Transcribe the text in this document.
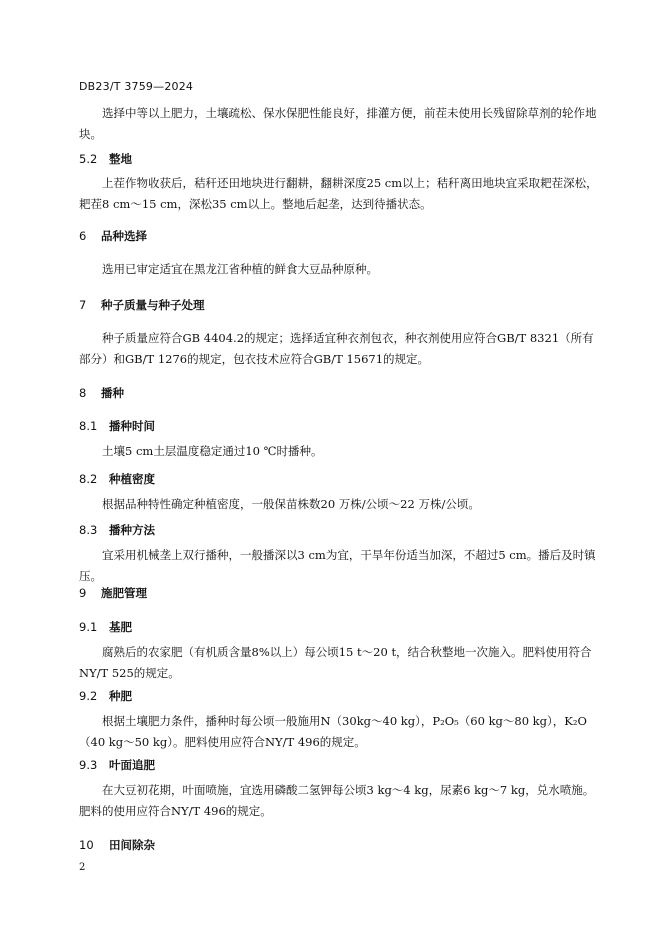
DB23/T 3759—2024
选择中等以上肥力，土壤疏松、保水保肥性能良好，排灌方便，前茬未使用长残留除草剂的轮作地块。
5.2 整地
上茬作物收获后，秸秆还田地块进行翻耕，翻耕深度25 cm以上；秸秆离田地块宜采取耙茬深松，耙茬8 cm～15 cm，深松35 cm以上。整地后起垄，达到待播状态。
6 品种选择
选用已审定适宜在黑龙江省种植的鲜食大豆品种原种。
7 种子质量与种子处理
种子质量应符合GB 4404.2的规定；选择适宜种衣剂包衣，种衣剂使用应符合GB/T 8321（所有部分）和GB/T 1276的规定，包衣技术应符合GB/T 15671的规定。
8 播种
8.1 播种时间
土壤5 cm土层温度稳定通过10 ℃时播种。
8.2 种植密度
根据品种特性确定种植密度，一般保苗株数20 万株/公顷～22 万株/公顷。
8.3 播种方法
宜采用机械垄上双行播种，一般播深以3 cm为宜，干旱年份适当加深，不超过5 cm。播后及时镇压。
9 施肥管理
9.1 基肥
腐熟后的农家肥（有机质含量8%以上）每公顷15 t～20 t，结合秋整地一次施入。肥料使用符合NY/T 525的规定。
9.2 种肥
根据土壤肥力条件，播种时每公顷一般施用N（30kg～40 kg），P₂O₅（60 kg～80 kg），K₂O（40 kg～50 kg）。肥料使用应符合NY/T 496的规定。
9.3 叶面追肥
在大豆初花期，叶面喷施，宜选用磷酸二氢钾每公顷3 kg～4 kg，尿素6 kg～7 kg，兑水喷施。肥料的使用应符合NY/T 496的规定。
10 田间除杂
2
